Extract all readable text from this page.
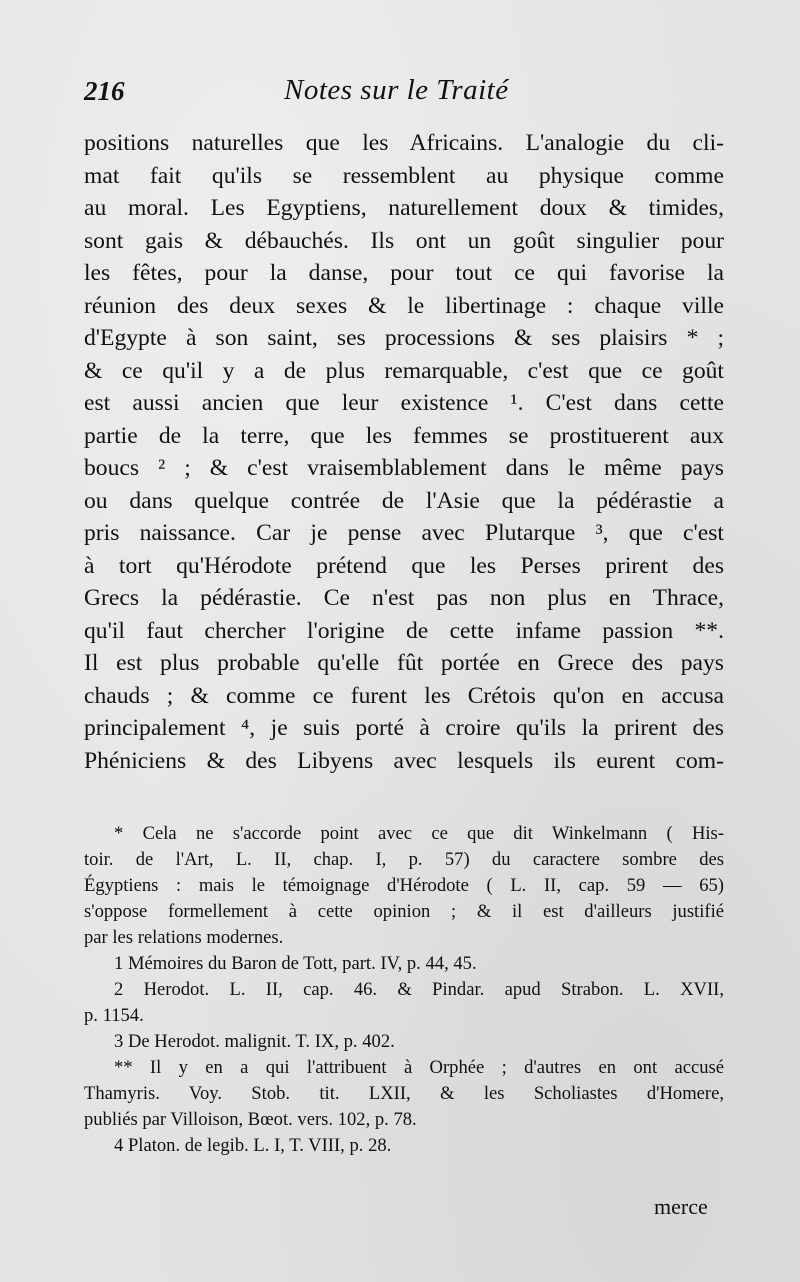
216	Notes sur le Traité
positions naturelles que les Africains. L'analogie du cli-
mat fait qu'ils se ressemblent au physique comme
au moral. Les Egyptiens, naturellement doux & timides,
sont gais & débauchés. Ils ont un goût singulier pour
les fêtes, pour la danse, pour tout ce qui favorise la
réunion des deux sexes & le libertinage : chaque ville
d'Egypte à son saint, ses processions & ses plaisirs * ;
& ce qu'il y a de plus remarquable, c'est que ce goût
est aussi ancien que leur existence ¹. C'est dans cette
partie de la terre, que les femmes se prostituerent aux
boucs ² ; & c'est vraisemblablement dans le même pays
ou dans quelque contrée de l'Asie que la pédérastie a
pris naissance. Car je pense avec Plutarque ³, que c'est
à tort qu'Hérodote prétend que les Perses prirent des
Grecs la pédérastie. Ce n'est pas non plus en Thrace,
qu'il faut chercher l'origine de cette infame passion **.
Il est plus probable qu'elle fût portée en Grece des pays
chauds ; & comme ce furent les Crétois qu'on en accusa
principalement ⁴, je suis porté à croire qu'ils la prirent des
Phéniciens & des Libyens avec lesquels ils eurent com-
* Cela ne s'accorde point avec ce que dit Winkelmann ( His-
toir. de l'Art, L. II, chap. I, p. 57) du caractere sombre des
Égyptiens : mais le témoignage d'Hérodote ( L. II, cap. 59 — 65)
s'oppose formellement à cette opinion ; & il est d'ailleurs justifié
par les relations modernes.
1 Mémoires du Baron de Tott, part. IV, p. 44, 45.
2 Herodot. L. II, cap. 46. & Pindar. apud Strabon. L. XVII,
p. 1154.
3 De Herodot. malignit. T. IX, p. 402.
** Il y en a qui l'attribuent à Orphée ; d'autres en ont accusé
Thamyris. Voy. Stob. tit. LXII, & les Scholiastes d'Homere,
publiés par Villoison, Bœot. vers. 102, p. 78.
4 Platon. de legib. L. I, T. VIII, p. 28.
merce
